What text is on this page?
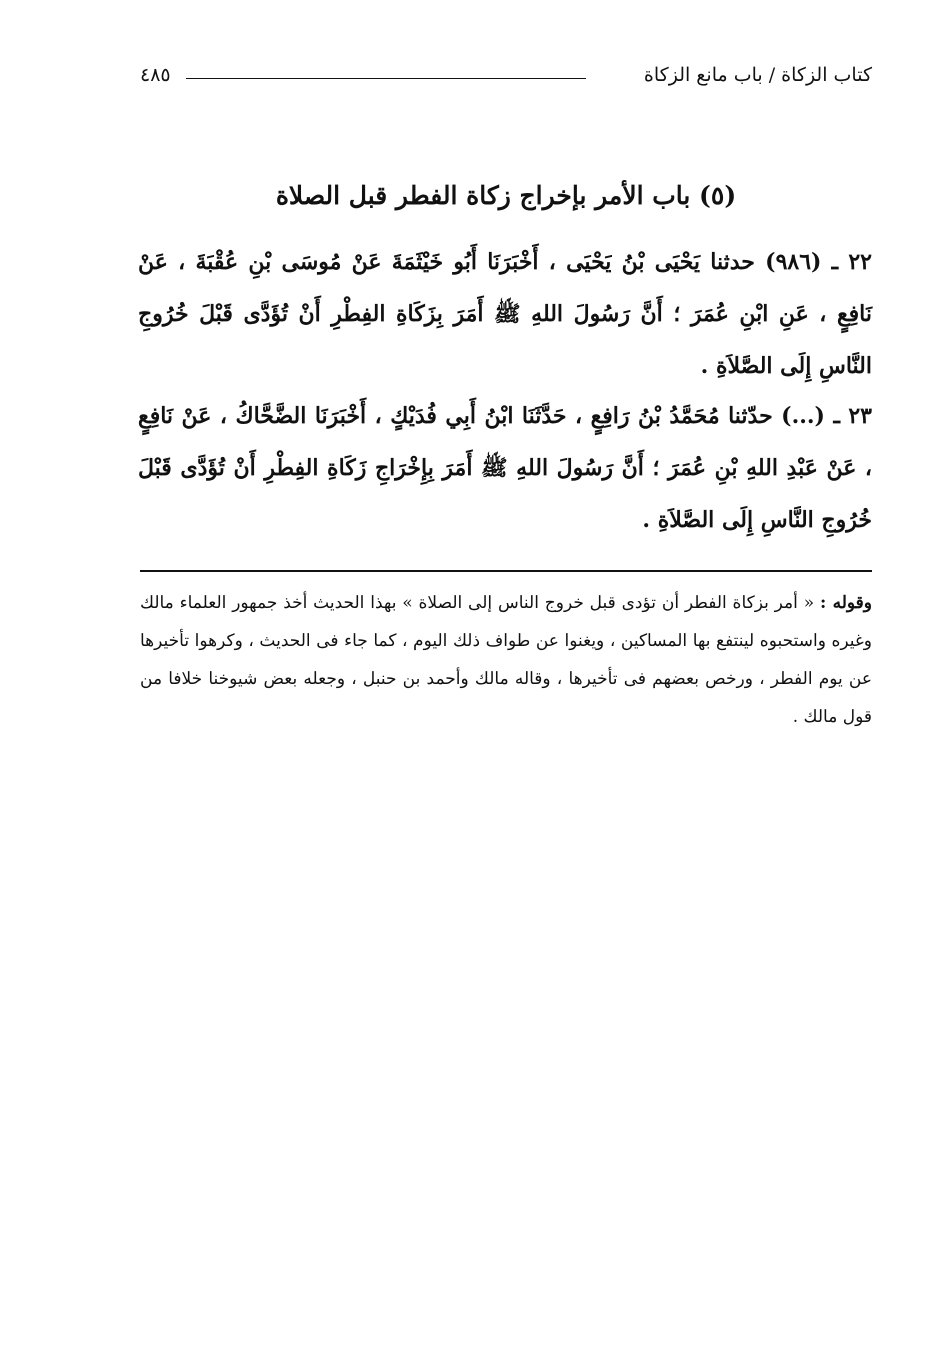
كتاب الزكاة / باب مانع الزكاة
٤٨٥
(٥) باب الأمر بإخراج زكاة الفطر قبل الصلاة

٢٢ ـ (٩٨٦) حدثنا يَحْيَى بْنُ يَحْيَى ، أَخْبَرَنَا أَبُو خَيْثَمَةَ عَنْ مُوسَى بْنِ عُقْبَةَ ، عَنْ نَافِعٍ ، عَنِ ابْنِ عُمَرَ ؛ أَنَّ رَسُولَ اللهِ ﷺ أَمَرَ بِزَكَاةِ الفِطْرِ أَنْ تُؤَدَّى قَبْلَ خُرُوجِ النَّاسِ إِلَى الصَّلاَةِ .

٢٣ ـ (...) حدّثنا مُحَمَّدُ بْنُ رَافِعٍ ، حَدَّثَنَا ابْنُ أَبِي فُدَيْكٍ ، أَخْبَرَنَا الضَّحَّاكُ ، عَنْ نَافِعٍ ، عَنْ عَبْدِ اللهِ بْنِ عُمَرَ ؛ أَنَّ رَسُولَ اللهِ ﷺ أَمَرَ بِإِخْرَاجِ زَكَاةِ الفِطْرِ أَنْ تُؤَدَّى قَبْلَ خُرُوجِ النَّاسِ إِلَى الصَّلاَةِ .

وقوله : « أمر بزكاة الفطر أن تؤدى قبل خروج الناس إلى الصلاة » بهذا الحديث أخذ جمهور العلماء مالك وغيره واستحبوه لينتفع بها المساكين ، ويغنوا عن طواف ذلك اليوم ، كما جاء فى الحديث ، وكرهوا تأخيرها عن يوم الفطر ، ورخص بعضهم فى تأخيرها ، وقاله مالك وأحمد بن حنبل ، وجعله بعض شيوخنا خلافا من قول مالك .
